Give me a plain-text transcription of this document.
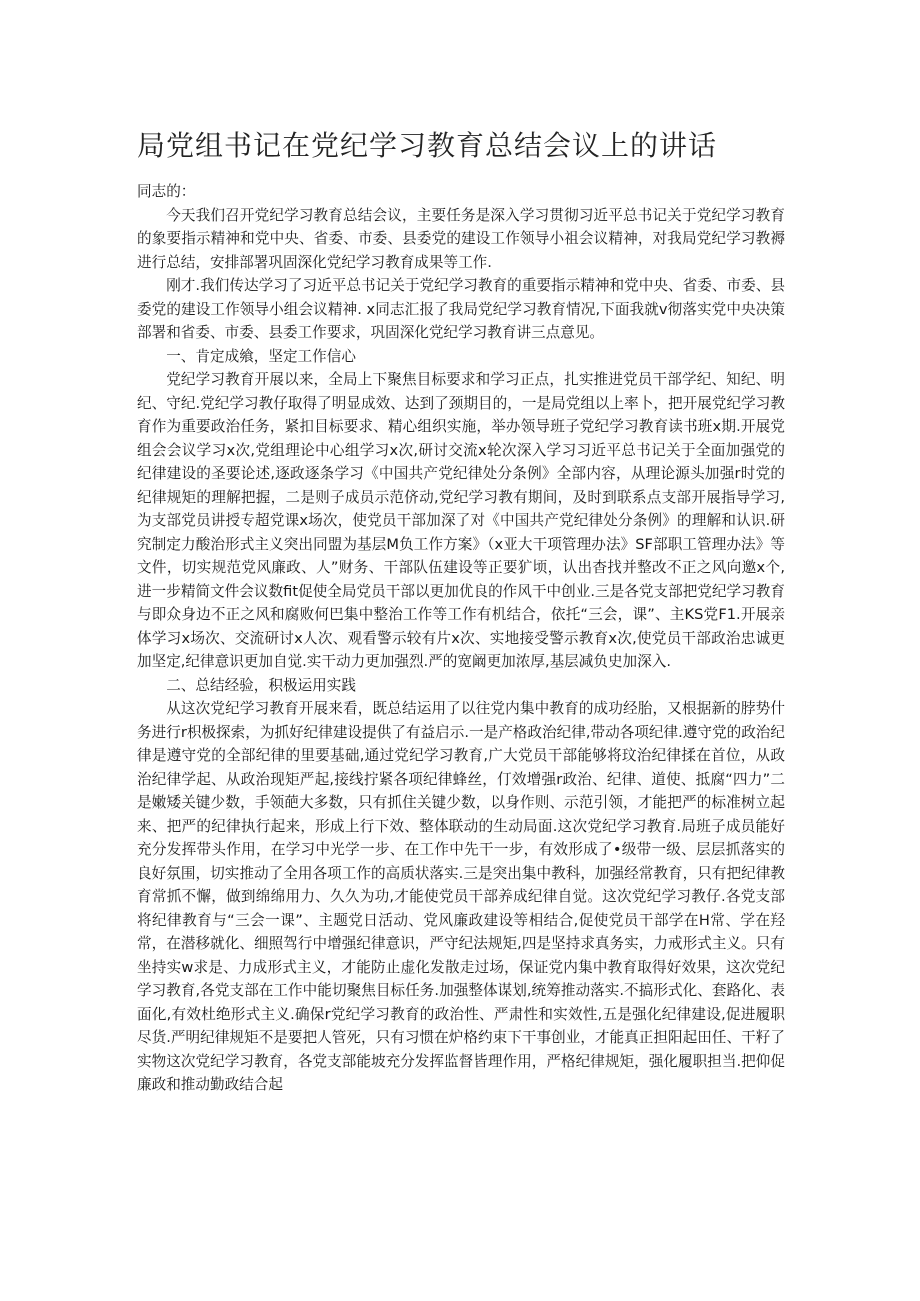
局党组书记在党纪学习教育总结会议上的讲话

同志的：

今天我们召开党纪学习教育总结会议，主要任务是深入学习贯彻习近平总书记关于党纪学习教育的象要指示精神和党中央、省委、市委、县委党的建设工作领导小祖会议精神，对我局党纪学习教褥进行总结，安排部署巩固深化党纪学习教育成果等工作.

刚才.我们传达学习了习近平总书记关于党纪学习教育的重要指示精神和党中央、省委、市委、县委党的建设工作领导小组会议精神. x同志汇报了我局党纪学习教育情况,下面我就v彻落实党中央决策部署和省委、市委、县委工作要求，巩固深化党纪学习教育讲三点意见。

一、肯定成飨，坚定工作信心

党纪学习教育开展以来，全局上下聚焦目标要求和学习正点，扎实推进党员干部学纪、知纪、明纪、守纪.党纪学习教仔取得了明显成效、达到了颈期目的，一是局党组以上率卜，把开展党纪学习教育作为重要政治任务，紧扣目标要求、精心组织实施，举办领导班子党纪学习教育读书班x期.开展党组会会议学习x次,党组理论中心组学习x次,研讨交流x轮次深入学习习近平总书记关于全面加强党的纪律建设的圣要论述,逐政逐条学习《中国共产党纪律处分条例》全部内容，从理论源头加强r时党的纪律规矩的理解把握，二是则子成员示范侪动,党纪学习教有期间，及时到联系点支部开展指导学习,为支部党员讲授专超党课x场次，使党员干部加深了对《中国共产党纪律处分条例》的理解和认识.研究制定力酸治形式主义突出同盟为基层M负工作方案》（x亚大干项管理办法》SF部职工管理办法》等文件，切实规范党风廉政、人”财务、干部队伍建设等正要犷顷，认出杳找并整改不正之风向邀x个,进一步精简文件会议数fit促使全局党员干部以更加优良的作风干中创业.三是各党支部把党纪学习教育与即众身边不正之风和腐败何巴集中整治工作等工作有机结合，依托“三会，课”、主KS党F1.开展亲体学习x场次、交流研讨x人次、观看警示较有片x次、实地接受警示教育x次,使党员干部政治忠诚更加坚定,纪律意识更加自觉.实干动力更加强烈.严的宽阚更加浓厚,基层减负史加深入.

二、总结经验，积极运用实践

从这次党纪学习教育开展来看，既总结运用了以往党内集中教育的成功经胎，又根据新的脖势什务进行r枳极探索，为抓好纪律建设提供了有益启示.一是产格政治纪律,带动各项纪律.遵守党的政治纪律是遵守党的全部纪律的里要基础,通过党纪学习教育,广大党员干部能够将玟治纪律揉在首位，从政治纪律学起、从政治现矩严起,接线拧紧各项纪律蜂丝，仃效增强r政治、纪律、道使、抵腐“四力”二是嫩矮关键少数，手领葩大多数，只有抓住关键少数，以身作则、示范引领，才能把严的标准树立起来、把严的纪律执行起来，形成上行下效、整体联动的生动局面.这次党纪学习教育.局班子成员能好充分发挥带头作用，在学习中光学一步、在工作中先干一步，有效形成了•级带一级、层层抓落实的良好氛围，切实推动了全用各项工作的高质状落实.三是突出集中教科，加强经常教育，只有把纪律教育常抓不懈，做到绵绵用力、久久为功,才能使党员干部养成纪律自觉。这次党纪学习教仔.各党支部将纪律教育与“三会一课”、主题党日活动、党风廉政建设等相结合,促使党员干部学在H常、学在羟常，在潜移就化、细照驾行中增强纪律意识，严守纪法规矩,四是坚持求真务实，力戒形式主义。只有坐持实w求是、力成形式主义，才能防止虚化发散走过场，保证党内集中教育取得好效果，这次党纪学习教育,各党支部在工作中能切聚焦目标任务.加强整体谋划,统筹推动落实.不搞形式化、套路化、表面化,有效杜绝形式主义.确保r党纪学习教育的政治性、严肃性和实效性,五是强化纪律建设,促进履职尽货.严明纪律规矩不是要把人管死，只有习惯在炉格约束下干事创业，才能真正担阳起田任、干籽了实物这次党纪学习教育，各党支部能坡充分发挥监督皆理作用，严格纪律规矩，强化履职担当.把仰促廉政和推动勤政结合起
